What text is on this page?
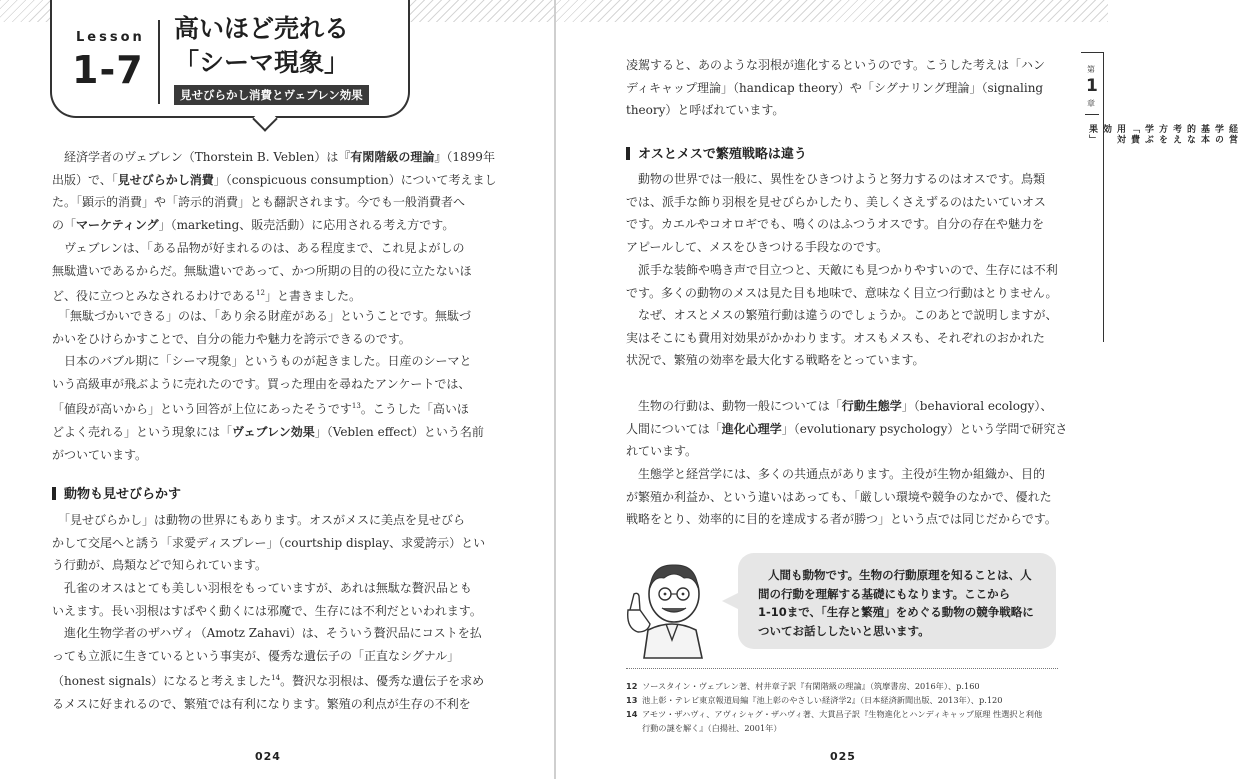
Lesson
1-7
高いほど売れる
「シーマ現象」
見せびらかし消費とヴェブレン効果
　経済学者のヴェブレン（Thorstein B. Veblen）は『有閑階級の理論』（1899年
出版）で、「見せびらかし消費」（conspicuous consumption）について考えまし
た。「顕示的消費」や「誇示的消費」とも翻訳されます。今でも一般消費者へ
の「マーケティング」（marketing、販売活動）に応用される考え方です。
　ヴェブレンは、「ある品物が好まれるのは、ある程度まで、これ見よがしの
無駄遣いであるからだ。無駄遣いであって、かつ所期の目的の役に立たないほ
ど、役に立つとみなされるわけである$^{12}$」と書きました。
　「無駄づかいできる」のは、「あり余る財産がある」ということです。無駄づ
かいをひけらかすことで、自分の能力や魅力を誇示できるのです。
　日本のバブル期に「シーマ現象」というものが起きました。日産のシーマと
いう高級車が飛ぶように売れたのです。買った理由を尋ねたアンケートでは、
「値段が高いから」という回答が上位にあったそうです$^{13}$。こうした「高いほ
どよく売れる」という現象には「ヴェブレン効果」（Veblen effect）という名前
がついています。
動物も見せびらかす
　「見せびらかし」は動物の世界にもあります。オスがメスに美点を見せびら
かして交尾へと誘う「求愛ディスプレー」（courtship display、求愛誇示）とい
う行動が、鳥類などで知られています。
　孔雀のオスはとても美しい羽根をもっていますが、あれは無駄な贅沢品とも
いえます。長い羽根はすばやく動くには邪魔で、生存には不利だといわれます。
　進化生物学者のザハヴィ（Amotz Zahavi）は、そういう贅沢品にコストを払
っても立派に生きているという事実が、優秀な遺伝子の「正直なシグナル」
（honest signals）になると考えました$^{14}$。贅沢な羽根は、優秀な遺伝子を求め
るメスに好まれるので、繁殖では有利になります。繁殖の利点が生存の不利を
024
凌駕すると、あのような羽根が進化するというのです。こうした考えは「ハン
ディキャップ理論」（handicap theory）や「シグナリング理論」（signaling
theory）と呼ばれています。
オスとメスで繁殖戦略は違う
　動物の世界では一般に、異性をひきつけようと努力するのはオスです。鳥類
では、派手な飾り羽根を見せびらかしたり、美しくさえずるのはたいていオス
です。カエルやコオロギでも、鳴くのはふつうオスです。自分の存在や魅力を
アピールして、メスをひきつける手段なのです。
　派手な装飾や鳴き声で目立つと、天敵にも見つかりやすいので、生存には不利
です。多くの動物のメスは見た目も地味で、意味なく目立つ行動はとりません。
　なぜ、オスとメスの繁殖行動は違うのでしょうか。このあとで説明しますが、
実はそこにも費用対効果がかかわります。オスもメスも、それぞれのおかれた
状況で、繁殖の効率を最大化する戦略をとっています。
　生物の行動は、動物一般については「行動生態学」（behavioral ecology）、
人間については「進化心理学」（evolutionary psychology）という学問で研究さ
れています。
　生態学と経営学には、多くの共通点があります。主役が生物か組織か、目的
が繁殖か利益か、という違いはあっても、「厳しい環境や競争のなかで、優れた
戦略をとり、効率的に目的を達成する者が勝つ」という点では同じだからです。
人間も動物です。生物の行動原理を知ることは、人
間の行動を理解する基礎にもなります。ここから
1-10まで、「生存と繁殖」をめぐる動物の競争戦略に
ついてお話ししたいと思います。
12 ソースタイン・ヴェブレン著、村井章子訳『有閑階級の理論』（筑摩書房、2016年）、p.160
13 池上彰・テレビ東京報道局編『池上彰のやさしい経済学2』（日本経済新聞出版、2013年）、p.120
14 アモツ・ザハヴィ、アヴィシャグ・ザハヴィ著、大貫昌子訳『生物進化とハンディキャップ原理 性選択と利他
行動の謎を解く』（白揚社、2001年）
025
第
1
章
経営学の基本的な考え方を学ぶ「費用対効果」
